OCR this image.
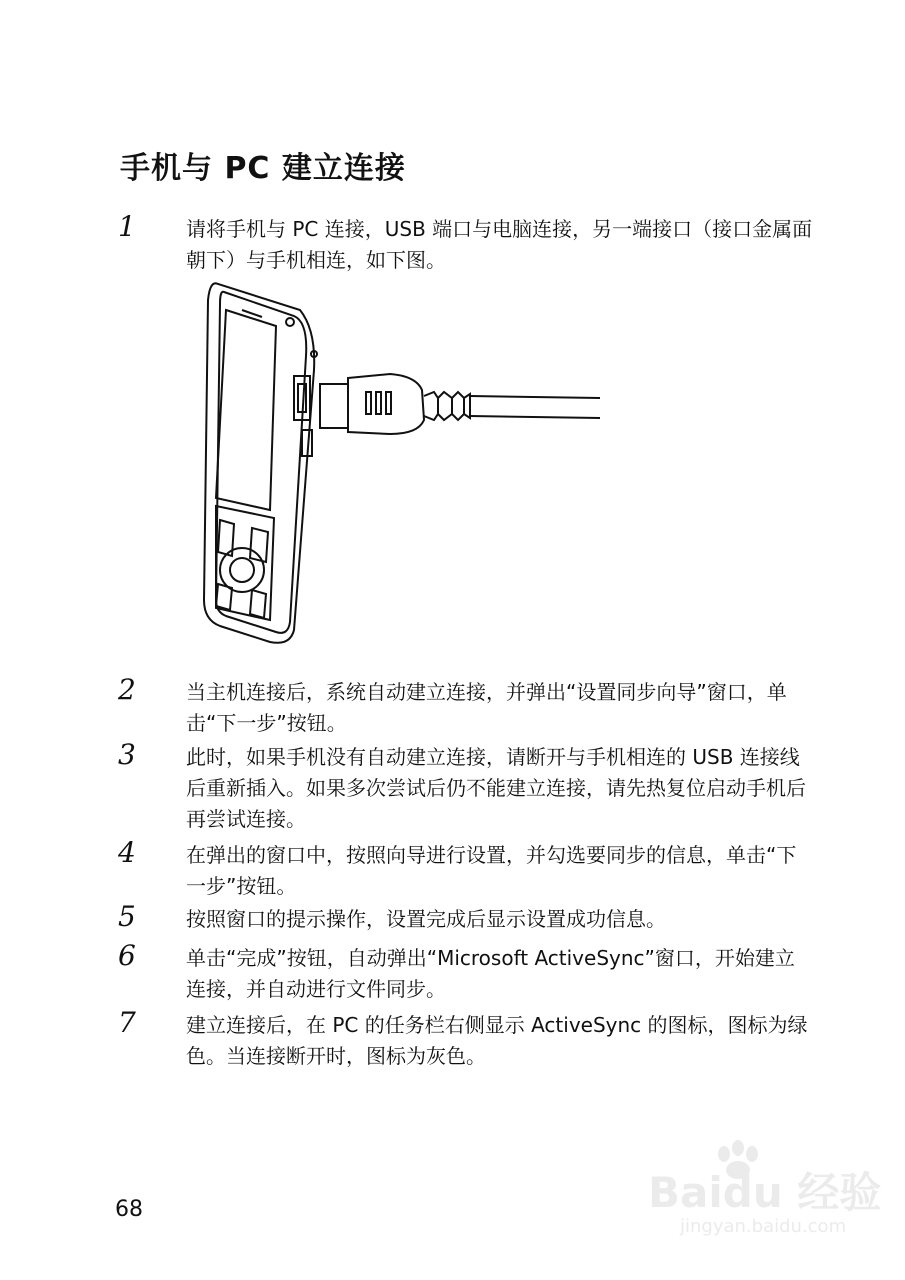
手机与 PC 建立连接
1	请将手机与 PC 连接，USB 端口与电脑连接，另一端接口（接口金属面朝下）与手机相连，如下图。
2	当主机连接后，系统自动建立连接，并弹出“设置同步向导”窗口，单击“下一步”按钮。
3	此时，如果手机没有自动建立连接，请断开与手机相连的 USB 连接线后重新插入。如果多次尝试后仍不能建立连接，请先热复位启动手机后再尝试连接。
4	在弹出的窗口中，按照向导进行设置，并勾选要同步的信息，单击“下一步”按钮。
5	按照窗口的提示操作，设置完成后显示设置成功信息。
6	单击“完成”按钮，自动弹出“Microsoft ActiveSync”窗口，开始建立连接，并自动进行文件同步。
7	建立连接后，在 PC 的任务栏右侧显示 ActiveSync 的图标，图标为绿色。当连接断开时，图标为灰色。
68	Baidu 经验
jingyan.baidu.com
